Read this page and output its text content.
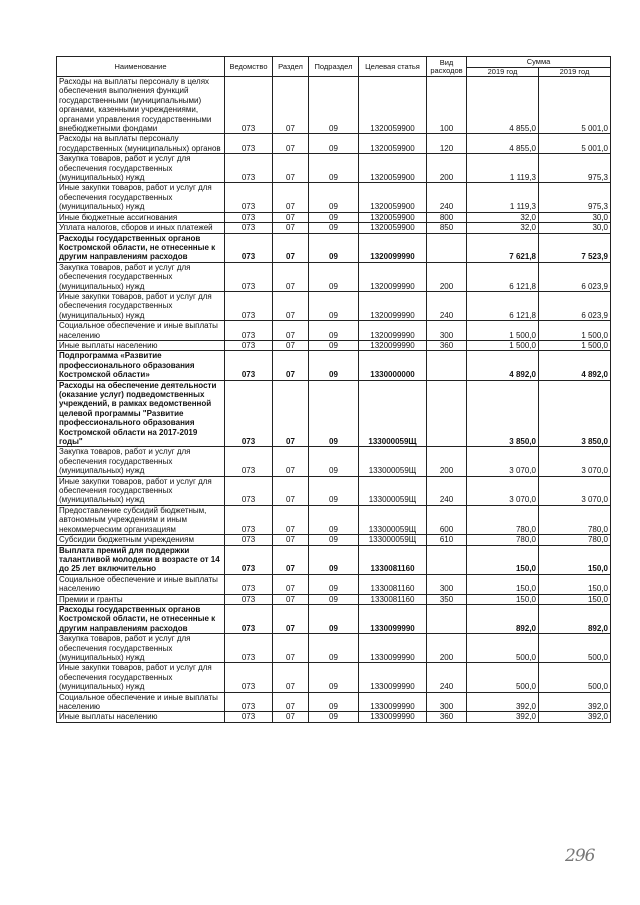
Наименование	Ведомство	Раздел	Подраздел	Целевая статья	Вид расходов	Сумма	
						2019 год	2019 год
Расходы на выплаты персоналу в целях обеспечения выполнения функций государственными (муниципальными) органами, казенными учреждениями, органами управления государственными внебюджетными фондами	073	07	09	1320059900	100	4 855,0	5 001,0
Расходы на выплаты персоналу государственных (муниципальных) органов	073	07	09	1320059900	120	4 855,0	5 001,0
Закупка товаров, работ и услуг для обеспечения государственных (муниципальных) нужд	073	07	09	1320059900	200	1 119,3	975,3
Иные закупки товаров, работ и услуг для обеспечения государственных (муниципальных) нужд	073	07	09	1320059900	240	1 119,3	975,3
Иные бюджетные ассигнования	073	07	09	1320059900	800	32,0	30,0
Уплата налогов, сборов и иных платежей	073	07	09	1320059900	850	32,0	30,0
Расходы государственных органов Костромской области, не отнесенные к другим направлениям расходов	073	07	09	1320099990		7 621,8	7 523,9
Закупка товаров, работ и услуг для обеспечения государственных (муниципальных) нужд	073	07	09	1320099990	200	6 121,8	6 023,9
Иные закупки товаров, работ и услуг для обеспечения государственных (муниципальных) нужд	073	07	09	1320099990	240	6 121,8	6 023,9
Социальное обеспечение и иные выплаты населению	073	07	09	1320099990	300	1 500,0	1 500,0
Иные выплаты населению	073	07	09	1320099990	360	1 500,0	1 500,0
Подпрограмма «Развитие профессионального образования Костромской области»	073	07	09	1330000000		4 892,0	4 892,0
Расходы на обеспечение деятельности (оказание услуг) подведомственных учреждений, в рамках ведомственной целевой программы "Развитие профессионального образования Костромской области на 2017-2019 годы"	073	07	09	133000059Щ		3 850,0	3 850,0
Закупка товаров, работ и услуг для обеспечения государственных (муниципальных) нужд	073	07	09	133000059Щ	200	3 070,0	3 070,0
Иные закупки товаров, работ и услуг для обеспечения государственных (муниципальных) нужд	073	07	09	133000059Щ	240	3 070,0	3 070,0
Предоставление субсидий бюджетным, автономным учреждениям и иным некоммерческим организациям	073	07	09	133000059Щ	600	780,0	780,0
Субсидии бюджетным учреждениям	073	07	09	133000059Щ	610	780,0	780,0
Выплата премий для поддержки талантливой молодежи в возрасте от 14 до 25 лет включительно	073	07	09	1330081160		150,0	150,0
Социальное обеспечение и иные выплаты населению	073	07	09	1330081160	300	150,0	150,0
Премии и гранты	073	07	09	1330081160	350	150,0	150,0
Расходы государственных органов Костромской области, не отнесенные к другим направлениям расходов	073	07	09	1330099990		892,0	892,0
Закупка товаров, работ и услуг для обеспечения государственных (муниципальных) нужд	073	07	09	1330099990	200	500,0	500,0
Иные закупки товаров, работ и услуг для обеспечения государственных (муниципальных) нужд	073	07	09	1330099990	240	500,0	500,0
Социальное обеспечение и иные выплаты населению	073	07	09	1330099990	300	392,0	392,0
Иные выплаты населению	073	07	09	1330099990	360	392,0	392,0
296
